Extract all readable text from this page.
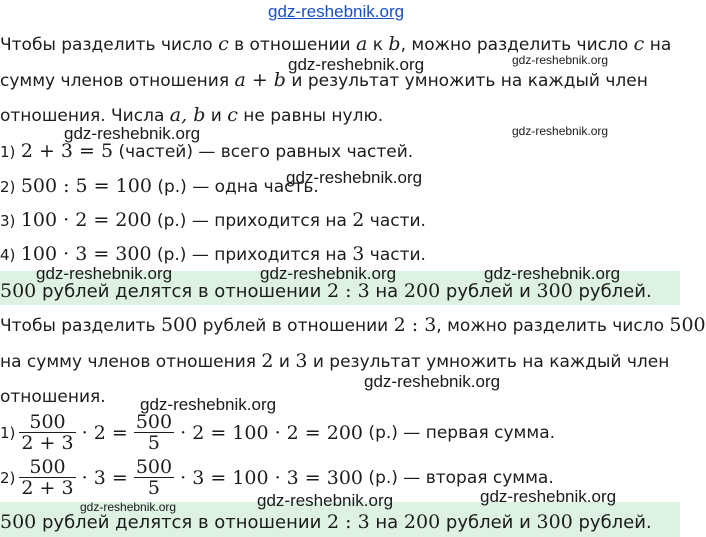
gdz-reshebnik.org
Чтобы разделить число c в отношении a к b, можно разделить число c на
сумму членов отношения a + b и результат умножить на каждый член
отношения. Числа a, b и c не равны нулю.
1) 2 + 3 = 5 (частей) — всего равных частей.
2) 500 : 5 = 100 (р.) — одна часть.
3) 100 · 2 = 200 (р.) — приходится на 2 части.
4) 100 · 3 = 300 (р.) — приходится на 3 части.
500 рублей делятся в отношении 2 : 3 на 200 рублей и 300 рублей.
Чтобы разделить 500 рублей в отношении 2 : 3, можно разделить число 500
на сумму членов отношения 2 и 3 и результат умножить на каждый член
отношения.
$1) \frac{500}{2 + 3} \cdot 2 = \frac{500}{5} \cdot 2 = 100 \cdot 2 = 200$ (р.) — первая сумма.
$2) \frac{500}{2 + 3} \cdot 3 = \frac{500}{5} \cdot 3 = 100 \cdot 3 = 300$ (р.) — вторая сумма.
500 рублей делятся в отношении 2 : 3 на 200 рублей и 300 рублей.
gdz-reshebnik.org	gdz-reshebnik.org
gdz-reshebnik.org	gdz-reshebnik.org
gdz-reshebnik.org
gdz-reshebnik.org	gdz-reshebnik.org	gdz-reshebnik.org
gdz-reshebnik.org
gdz-reshebnik.org
gdz-reshebnik.org	gdz-reshebnik.org	gdz-reshebnik.org
